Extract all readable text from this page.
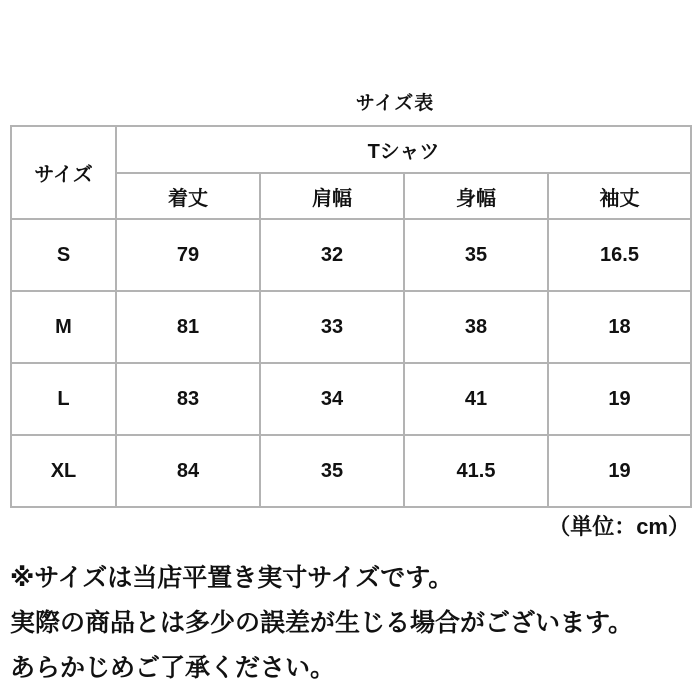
サイズ表
サイズ	Tシャツ			
	着丈	肩幅	身幅	袖丈
S	79	32	35	16.5
M	81	33	38	18
L	83	34	41	19
XL	84	35	41.5	19
（単位：cm）
※サイズは当店平置き実寸サイズです。
実際の商品とは多少の誤差が生じる場合がございます。
あらかじめご了承ください。
